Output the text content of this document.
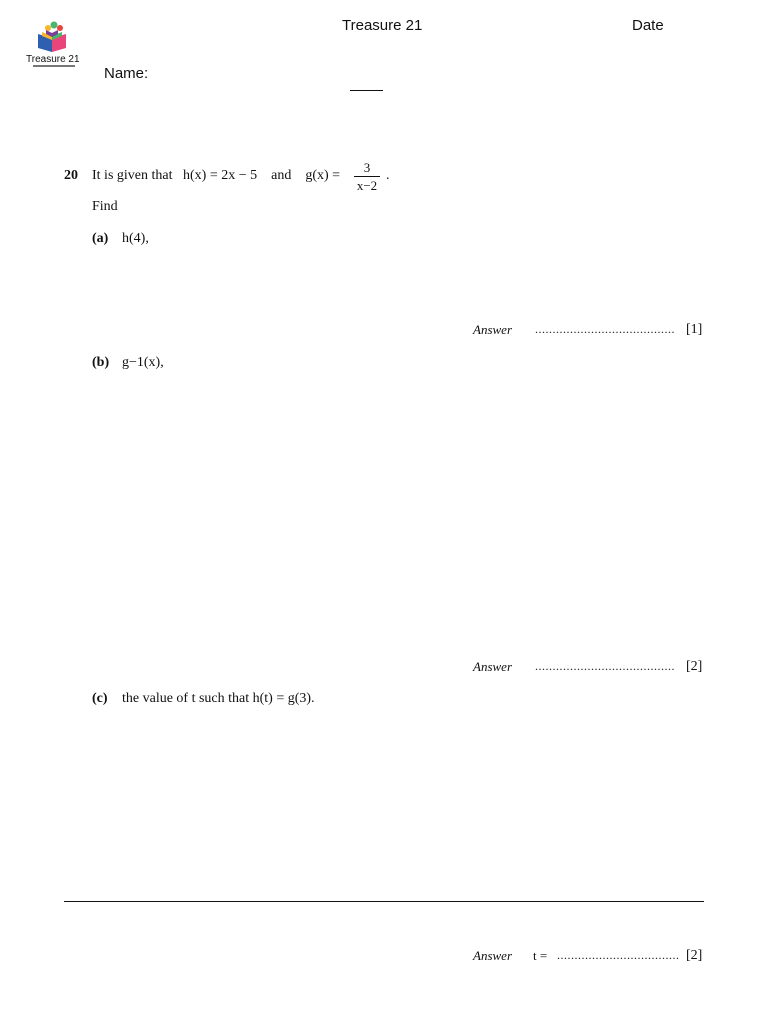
Treasure 21
Treasure 21	Date
Name:
20 It is given that h(x) = 2x − 5 and g(x) =
3
x−2
.
Find
(a) h(4),
Answer ........................................ [1]
(b) g−1(x),
Answer ........................................ [2]
(c) the value of t such that h(t) = g(3).
Answer t = ................................... [2]
